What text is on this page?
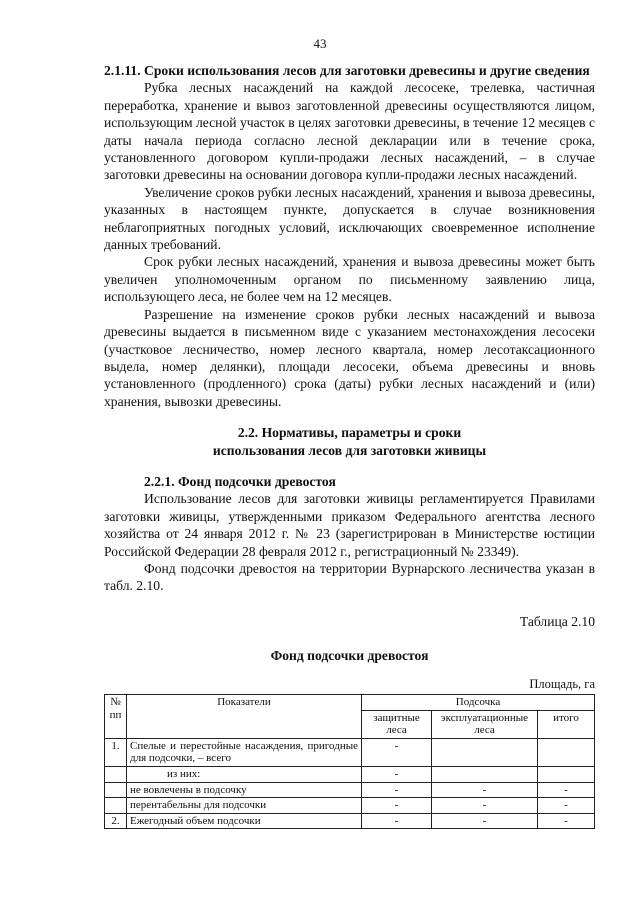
43

2.1.11. Сроки использования лесов для заготовки древесины и другие сведения

Рубка лесных насаждений на каждой лесосеке, трелевка, частичная переработка, хранение и вывоз заготовленной древесины осуществляются лицом, использующим лесной участок в целях заготовки древесины, в течение 12 месяцев с даты начала периода согласно лесной декларации или в течение срока, установленного договором купли-продажи лесных насаждений, – в случае заготовки древесины на основании договора купли-продажи лесных насаждений.

Увеличение сроков рубки лесных насаждений, хранения и вывоза древесины, указанных в настоящем пункте, допускается в случае возникновения неблагоприятных погодных условий, исключающих своевременное исполнение данных требований.

Срок рубки лесных насаждений, хранения и вывоза древесины может быть увеличен уполномоченным органом по письменному заявлению лица, использующего леса, не более чем на 12 месяцев.

Разрешение на изменение сроков рубки лесных насаждений и вывоза древесины выдается в письменном виде с указанием местонахождения лесосеки (участковое лесничество, номер лесного квартала, номер лесотаксационного выдела, номер делянки), площади лесосеки, объема древесины и вновь установленного (продленного) срока (даты) рубки лесных насаждений и (или) хранения, вывозки древесины.

2.2. Нормативы, параметры и сроки

использования лесов для заготовки живицы

2.2.1. Фонд подсочки древостоя

Использование лесов для заготовки живицы регламентируется Правилами заготовки живицы, утвержденными приказом Федерального агентства лесного хозяйства от 24 января 2012 г. № 23 (зарегистрирован в Министерстве юстиции Российской Федерации 28 февраля 2012 г., регистрационный № 23349).

Фонд подсочки древостоя на территории Вурнарского лесничества указан в табл. 2.10.

Таблица 2.10

Фонд подсочки древостоя

Площадь, га

№ пп	Показатели	Подсочка		
		защитные леса	эксплуатационные леса	итого
1.	Спелые и перестойные насаждения, пригодные для подсочки, – всего	-		
	из них:	-		
	не вовлечены в подсочку	-	-	-
	перентабельны для подсочки	-	-	-
2.	Ежегодный объем подсочки	-	-	-
